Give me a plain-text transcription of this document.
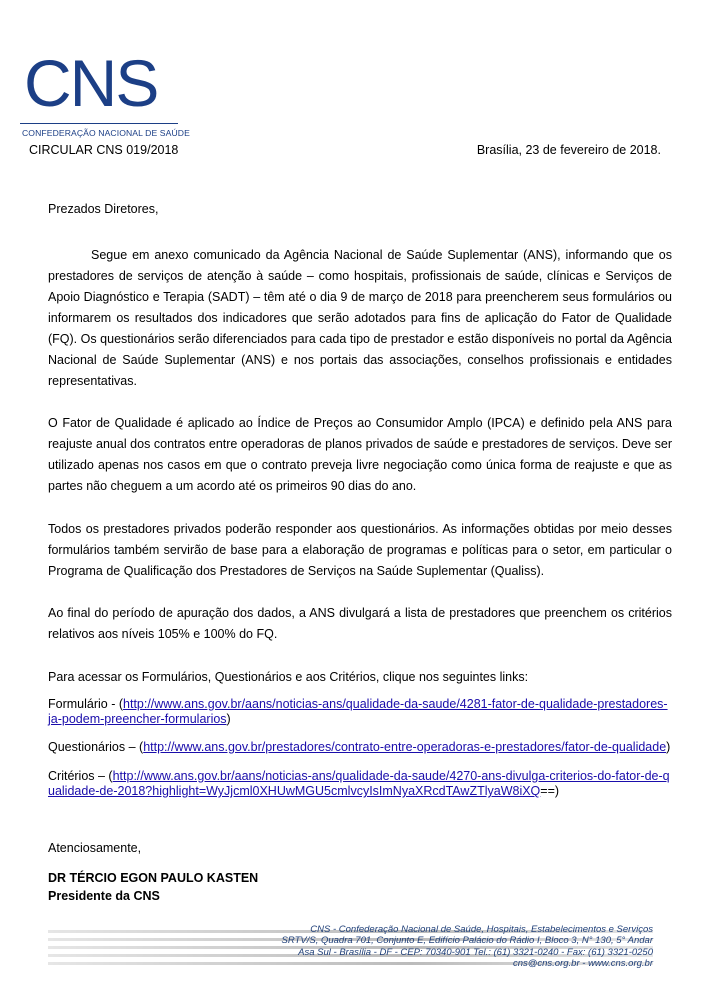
CNS
CONFEDERAÇÃO NACIONAL DE SAÚDE
CIRCULAR CNS 019/2018	Brasília, 23 de fevereiro de 2018.
Prezados Diretores,
Segue em anexo comunicado da Agência Nacional de Saúde Suplementar (ANS), informando que os prestadores de serviços de atenção à saúde – como hospitais, profissionais de saúde, clínicas e Serviços de Apoio Diagnóstico e Terapia (SADT) – têm até o dia 9 de março de 2018 para preencherem seus formulários ou informarem os resultados dos indicadores que serão adotados para fins de aplicação do Fator de Qualidade (FQ). Os questionários serão diferenciados para cada tipo de prestador e estão disponíveis no portal da Agência Nacional de Saúde Suplementar (ANS) e nos portais das associações, conselhos profissionais e entidades representativas.
O Fator de Qualidade é aplicado ao Índice de Preços ao Consumidor Amplo (IPCA) e definido pela ANS para reajuste anual dos contratos entre operadoras de planos privados de saúde e prestadores de serviços. Deve ser utilizado apenas nos casos em que o contrato preveja livre negociação como única forma de reajuste e que as partes não cheguem a um acordo até os primeiros 90 dias do ano.
Todos os prestadores privados poderão responder aos questionários. As informações obtidas por meio desses formulários também servirão de base para a elaboração de programas e políticas para o setor, em particular o Programa de Qualificação dos Prestadores de Serviços na Saúde Suplementar (Qualiss).
Ao final do período de apuração dos dados, a ANS divulgará a lista de prestadores que preenchem os critérios relativos aos níveis 105% e 100% do FQ.
Para acessar os Formulários, Questionários e aos Critérios, clique nos seguintes links:
Formulário - (http://www.ans.gov.br/aans/noticias-ans/qualidade-da-saude/4281-fator-de-qualidade-prestadores-ja-podem-preencher-formularios)
Questionários – (http://www.ans.gov.br/prestadores/contrato-entre-operadoras-e-prestadores/fator-de-qualidade)
Critérios – (http://www.ans.gov.br/aans/noticias-ans/qualidade-da-saude/4270-ans-divulga-criterios-do-fator-de-qualidade-de-2018?highlight=WyJjcml0XHUwMGU5cmlvcyIsImNyaXRcdTAwZTlyaW8iXQ==)
Atenciosamente,
DR TÉRCIO EGON PAULO KASTEN
Presidente da CNS
CNS - Confederação Nacional de Saúde, Hospitais, Estabelecimentos e Serviços
SRTV/S, Quadra 701, Conjunto E, Edifício Palácio do Rádio I, Bloco 3, N° 130, 5° Andar
Asa Sul - Brasília - DF - CEP: 70340-901 Tel.: (61) 3321-0240 - Fax: (61) 3321-0250
cns@cns.org.br - www.cns.org.br
